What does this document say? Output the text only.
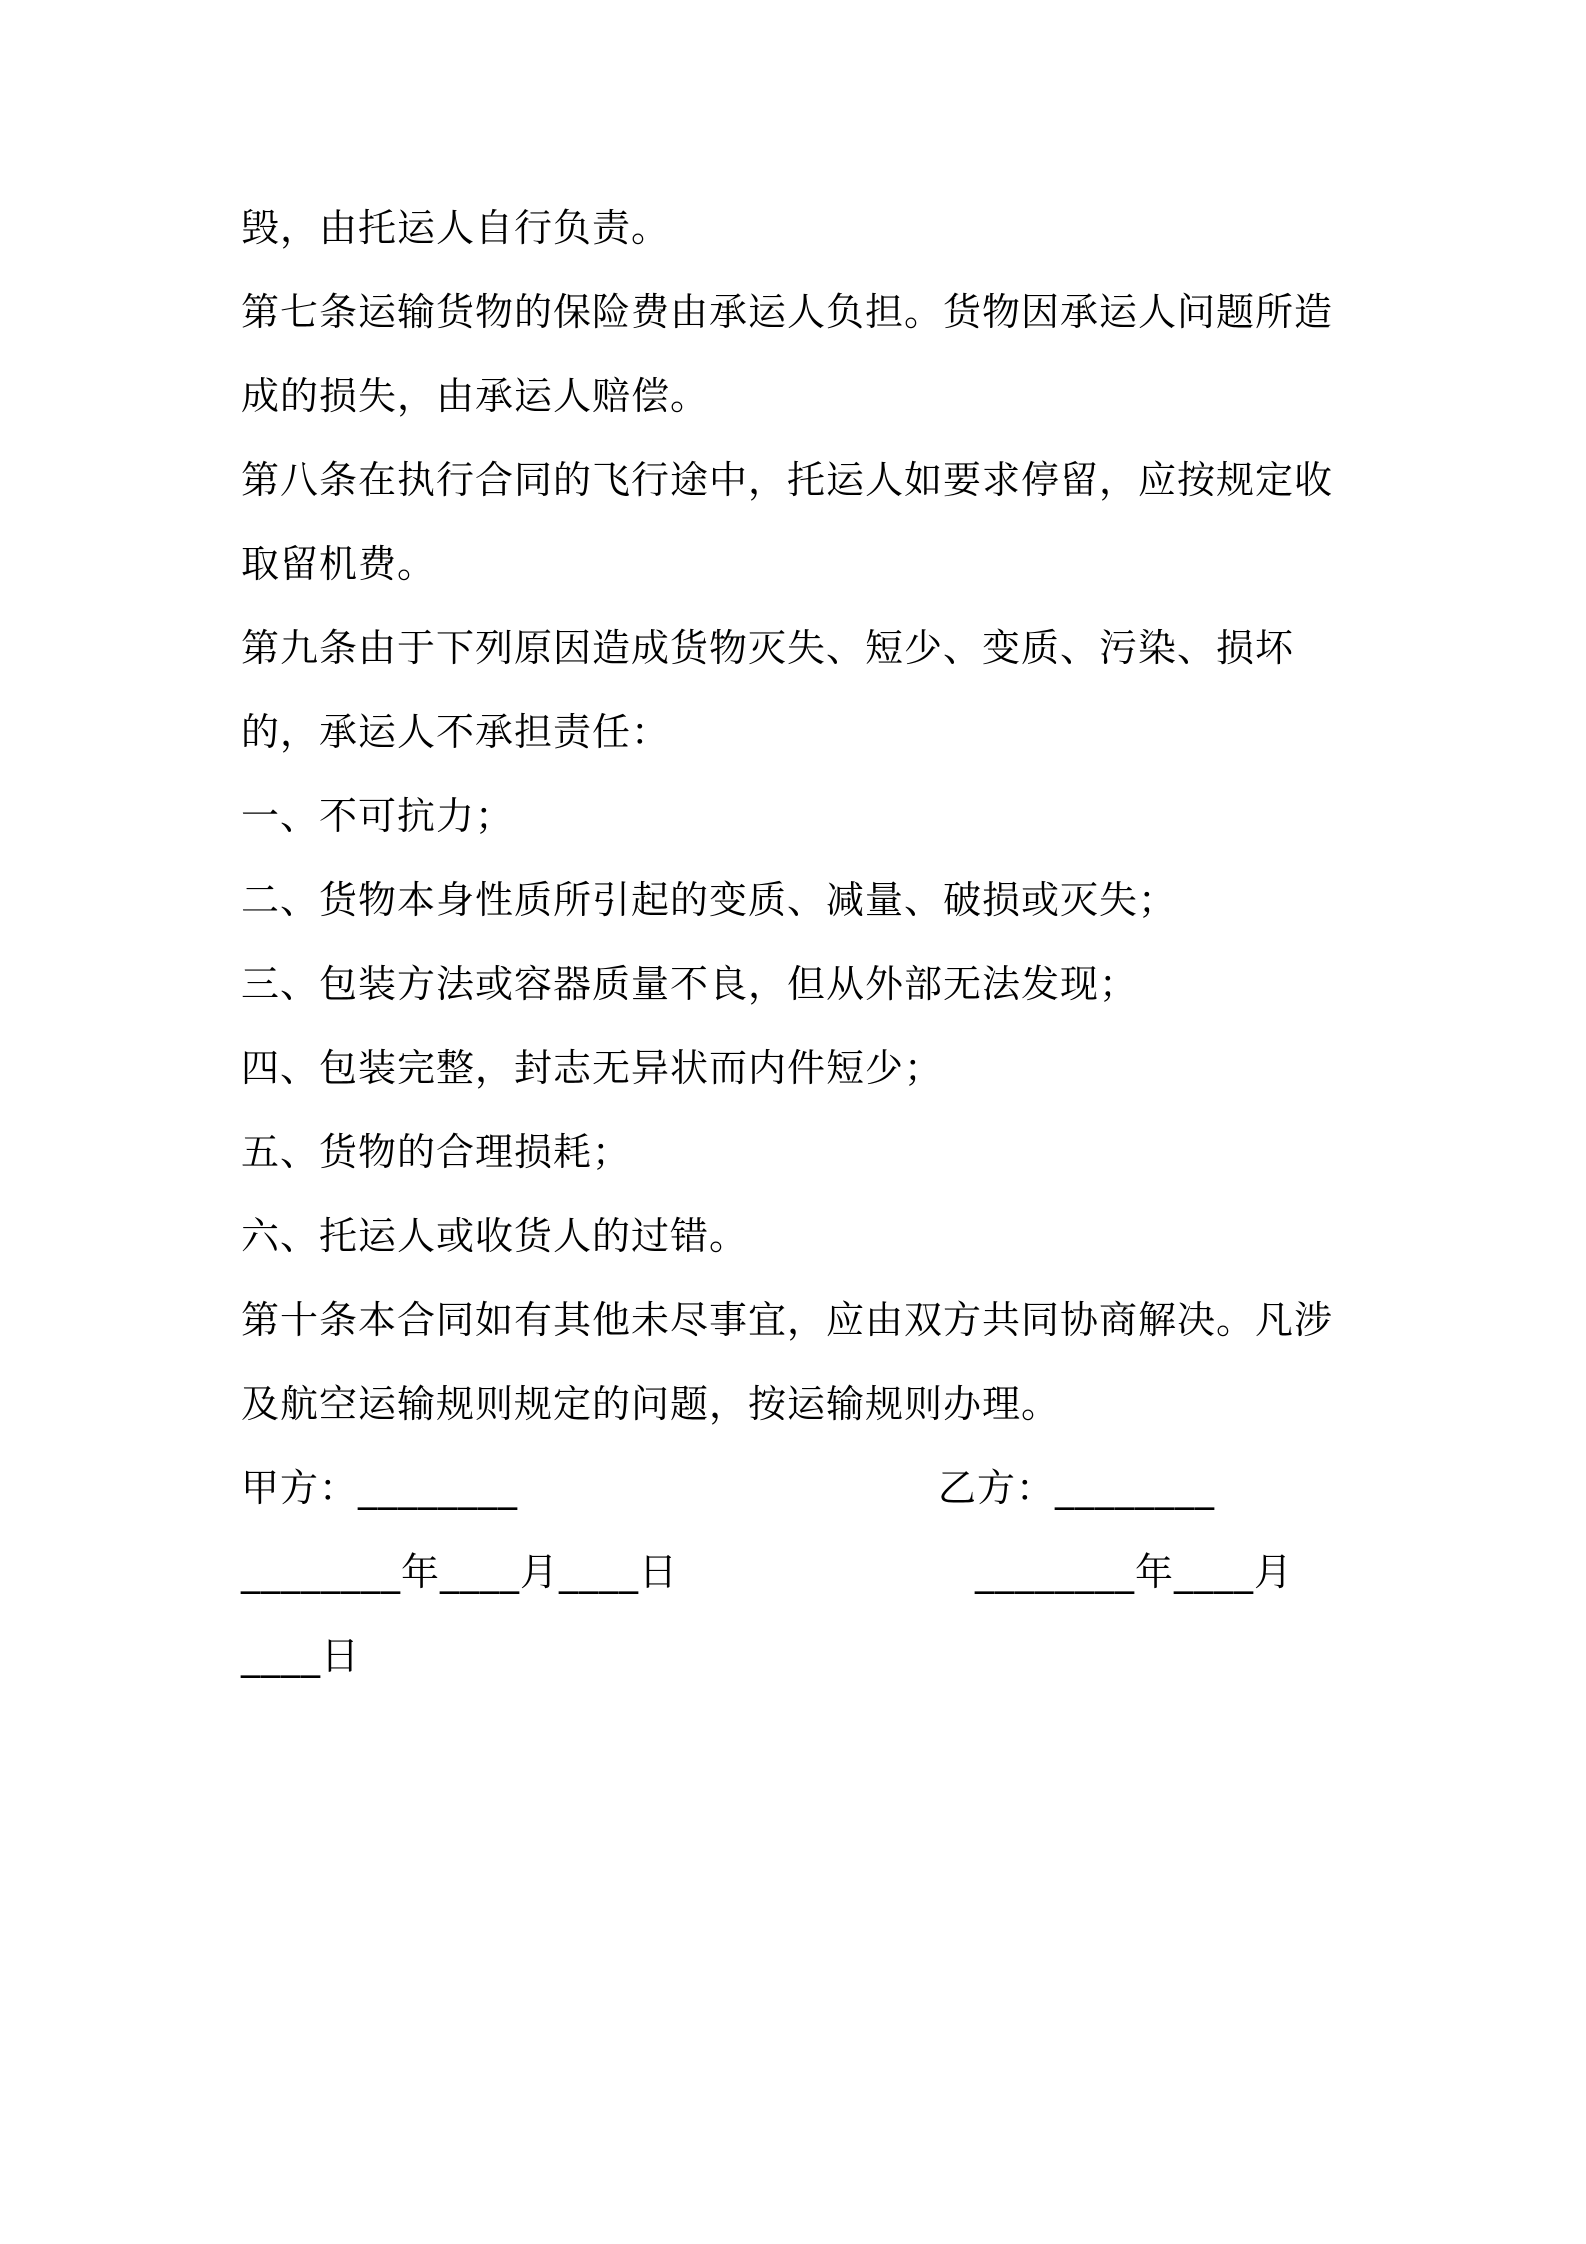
毁，由托运人自行负责。

第七条运输货物的保险费由承运人负担。货物因承运人问题所造成的损失，由承运人赔偿。

第八条在执行合同的飞行途中，托运人如要求停留，应按规定收取留机费。

第九条由于下列原因造成货物灭失、短少、变质、污染、损坏的，承运人不承担责任：

一、不可抗力；

二、货物本身性质所引起的变质、减量、破损或灭失；

三、包装方法或容器质量不良，但从外部无法发现；

四、包装完整，封志无异状而内件短少；

五、货物的合理损耗；

六、托运人或收货人的过错。

第十条本合同如有其他未尽事宜，应由双方共同协商解决。凡涉及航空运输规则规定的问题，按运输规则办理。

甲方：________	乙方：________

________年____月____日	________年____月

____日
